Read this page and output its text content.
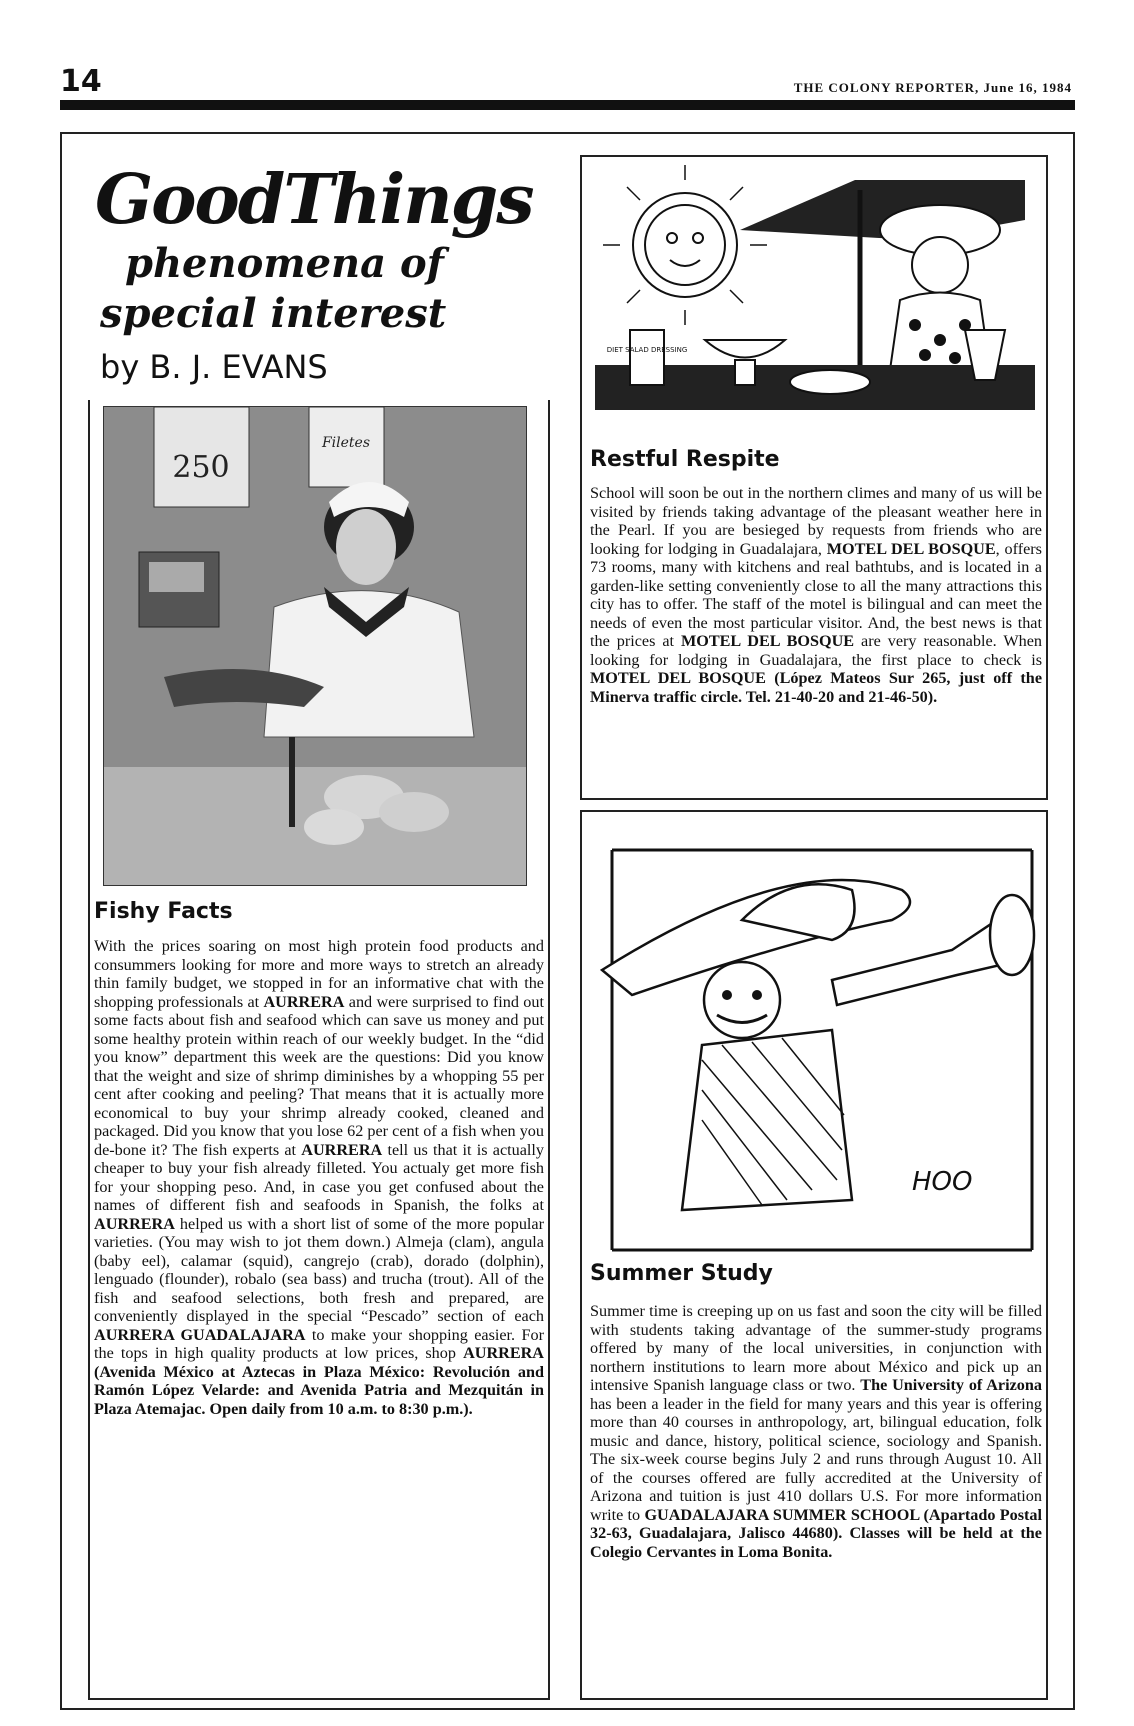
14	THE COLONY REPORTER, June 16, 1984
GoodThings
phenomena of
special interest
by B. J. EVANS
250
Filetes
Fishy Facts
With the prices soaring on most high protein food products and consummers looking for more and more ways to stretch an already thin family budget, we stopped in for an informative chat with the shopping professionals at AURRERA and were surprised to find out some facts about fish and seafood which can save us money and put some healthy protein within reach of our weekly budget. In the “did you know” department this week are the questions: Did you know that the weight and size of shrimp diminishes by a whopping 55 per cent after cooking and peeling? That means that it is actually more economical to buy your shrimp already cooked, cleaned and packaged. Did you know that you lose 62 per cent of a fish when you de-bone it? The fish experts at AURRERA tell us that it is actually cheaper to buy your fish already filleted. You actualy get more fish for your shopping peso. And, in case you get confused about the names of different fish and seafoods in Spanish, the folks at AURRERA helped us with a short list of some of the more popular varieties. (You may wish to jot them down.) Almeja (clam), angula (baby eel), calamar (squid), cangrejo (crab), dorado (dolphin), lenguado (flounder), robalo (sea bass) and trucha (trout). All of the fish and seafood selections, both fresh and prepared, are conveniently displayed in the special “Pescado” section of each AURRERA GUADALAJARA to make your shopping easier. For the tops in high quality products at low prices, shop AURRERA (Avenida México at Aztecas in Plaza México: Revolución and Ramón López Velarde: and Avenida Patria and Mezquitán in Plaza Atemajac. Open daily from 10 a.m. to 8:30 p.m.).
DIET SALAD DRESSING
Restful Respite
School will soon be out in the northern climes and many of us will be visited by friends taking advantage of the pleasant weather here in the Pearl. If you are besieged by requests from friends who are looking for lodging in Guadalajara, MOTEL DEL BOSQUE, offers 73 rooms, many with kitchens and real bathtubs, and is located in a garden-like setting conveniently close to all the many attractions this city has to offer. The staff of the motel is bilingual and can meet the needs of even the most particular visitor. And, the best news is that the prices at MOTEL DEL BOSQUE are very reasonable. When looking for lodging in Guadalajara, the first place to check is MOTEL DEL BOSQUE (López Mateos Sur 265, just off the Minerva traffic circle. Tel. 21-40-20 and 21-46-50).
HOO
Summer Study
Summer time is creeping up on us fast and soon the city will be filled with students taking advantage of the summer-study programs offered by many of the local universities, in conjunction with northern institutions to learn more about México and pick up an intensive Spanish language class or two. The University of Arizona has been a leader in the field for many years and this year is offering more than 40 courses in anthropology, art, bilingual education, folk music and dance, history, political science, sociology and Spanish. The six-week course begins July 2 and runs through August 10. All of the courses offered are fully accredited at the University of Arizona and tuition is just 410 dollars U.S. For more information write to GUADALAJARA SUMMER SCHOOL (Apartado Postal 32-63, Guadalajara, Jalisco 44680). Classes will be held at the Colegio Cervantes in Loma Bonita.
